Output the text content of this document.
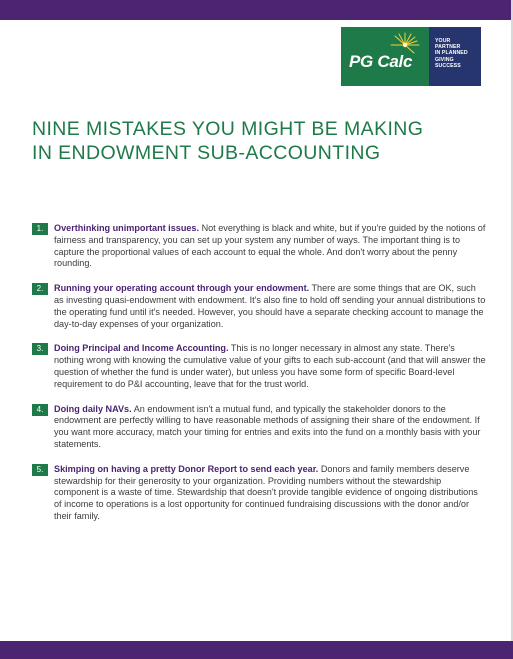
PG Calc
YOUR
PARTNER
IN PLANNED
GIVING
SUCCESS
NINE MISTAKES YOU MIGHT BE MAKING
IN ENDOWMENT SUB-ACCOUNTING
1.	Overthinking unimportant issues. Not everything is black and white, but if you're guided by the notions of fairness and transparency, you can set up your system any number of ways. The important thing is to capture the proportional values of each account to equal the whole. And don't worry about the penny rounding.
2.	Running your operating account through your endowment. There are some things that are OK, such as investing quasi-endowment with endowment. It's also fine to hold off sending your annual distributions to the operating fund until it's needed. However, you should have a separate checking account to manage the day-to-day expenses of your organization.
3.	Doing Principal and Income Accounting. This is no longer necessary in almost any state. There's nothing wrong with knowing the cumulative value of your gifts to each sub-account (and that will answer the question of whether the fund is under water), but unless you have some form of specific Board-level requirement to do P&I accounting, leave that for the trust world.
4.	Doing daily NAVs. An endowment isn't a mutual fund, and typically the stakeholder donors to the endowment are perfectly willing to have reasonable methods of assigning their share of the endowment. If you want more accuracy, match your timing for entries and exits into the fund on a monthly basis with your statements.
5.	Skimping on having a pretty Donor Report to send each year. Donors and family members deserve stewardship for their generosity to your organization. Providing numbers without the stewardship component is a waste of time. Stewardship that doesn't provide tangible evidence of ongoing distributions of income to operations is a lost opportunity for continued fundraising discussions with the donor and/or their family.
